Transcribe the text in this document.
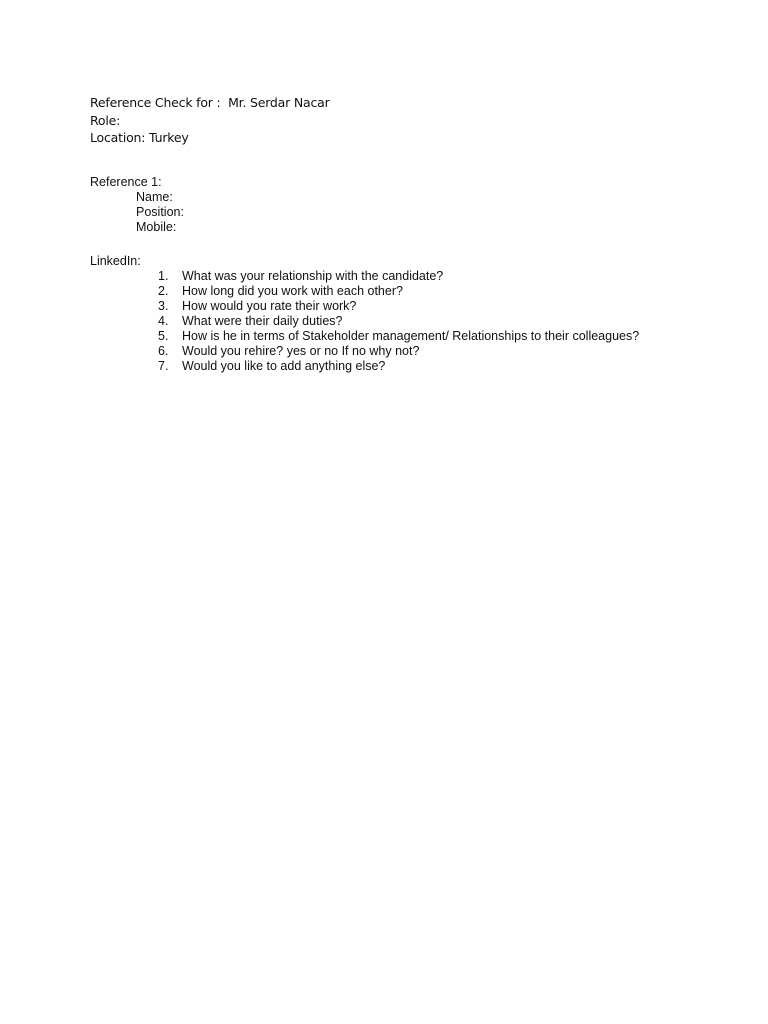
Reference Check for :  Mr. Serdar Nacar
Role:
Location: Turkey
Reference 1:
Name:
Position:
Mobile:
LinkedIn:
1.	What was your relationship with the candidate?
2.	How long did you work with each other?
3.	How would you rate their work?
4.	What were their daily duties?
5.	How is he in terms of Stakeholder management/ Relationships to their colleagues?
6.	Would you rehire? yes or no If no why not?
7.	Would you like to add anything else?
